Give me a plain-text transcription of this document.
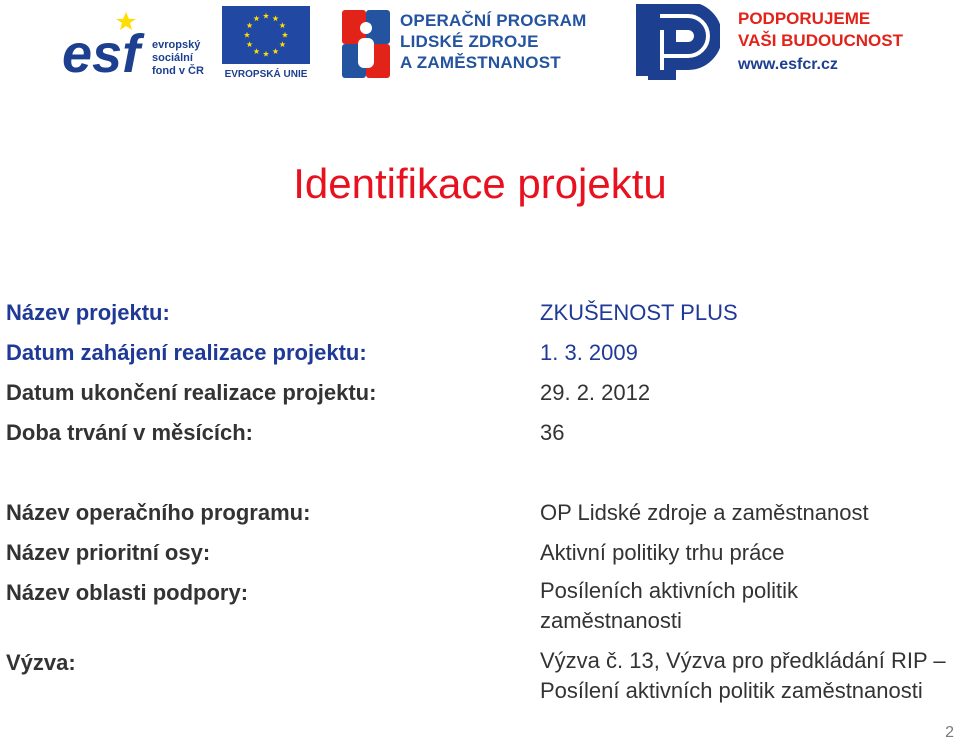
esf	evropský
sociální
fond v ČR EVROPSKÁ UNIE
OPERAČNÍ PROGRAM
LIDSKÉ ZDROJE
A ZAMĚSTNANOST
PODPORUJEME
VAŠI BUDOUCNOST
www.esfcr.cz
Identifikace projektu
Název projektu:	ZKUŠENOST PLUS
Datum zahájení realizace projektu:	1. 3. 2009
Datum ukončení realizace projektu:	29. 2. 2012
Doba trvání v měsících:	36
Název operačního programu:	OP Lidské zdroje a zaměstnanost
Název prioritní osy:	Aktivní politiky trhu práce
Název oblasti podpory:	Posíleních aktivních politik zaměstnanosti
Výzva:	Výzva č. 13, Výzva pro předkládání RIP – Posílení aktivních politik zaměstnanosti
2
